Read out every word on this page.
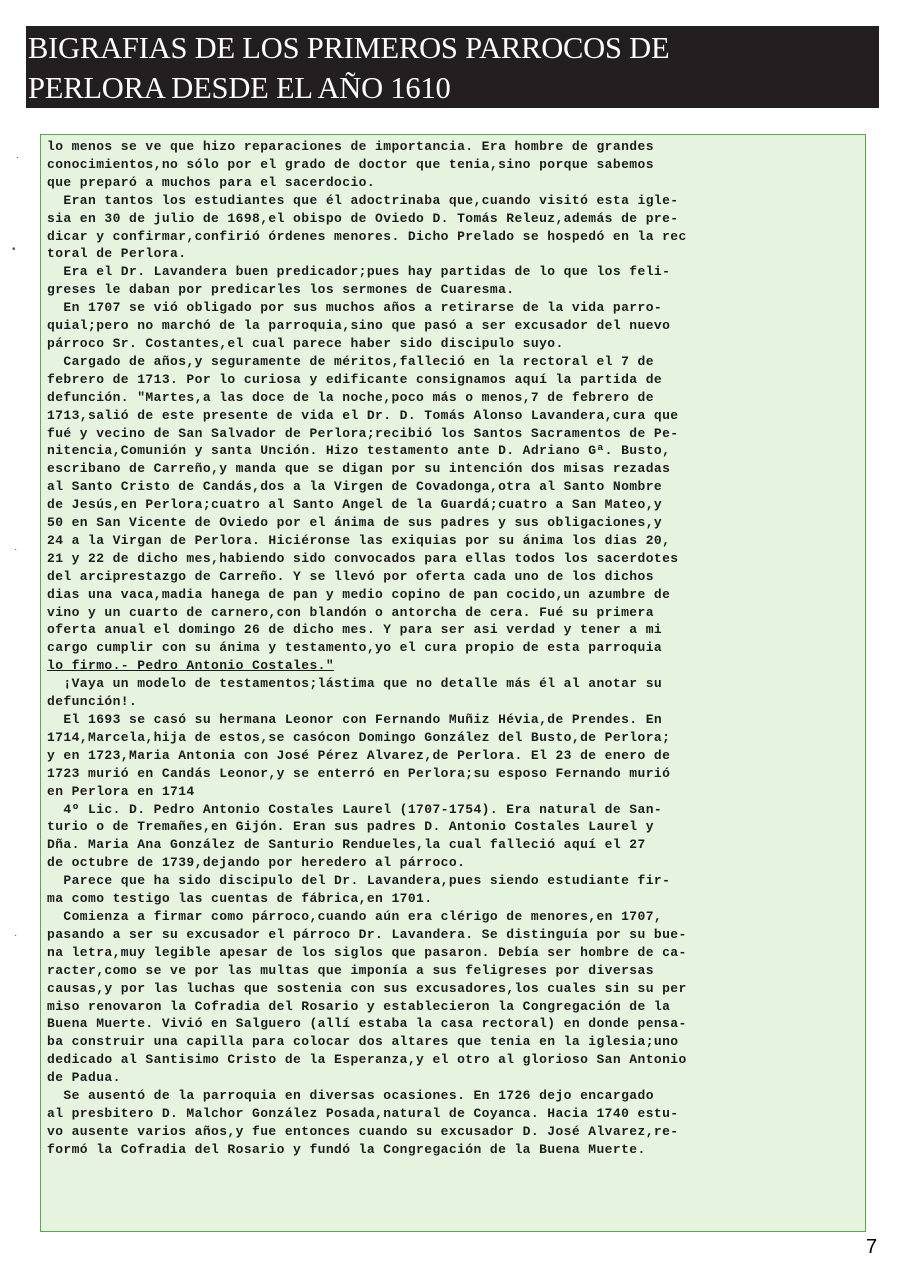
BIGRAFIAS DE LOS PRIMEROS PARROCOS DE
PERLORA DESDE EL AÑO 1610
·
•
·
·
lo menos se ve que hizo reparaciones de importancia. Era hombre de grandes
conocimientos,no sólo por el grado de doctor que tenia,sino porque sabemos
que preparó a muchos para el sacerdocio.
Eran tantos los estudiantes que él adoctrinaba que,cuando visitó esta igle-
sia en 30 de julio de 1698,el obispo de Oviedo D. Tomás Releuz,además de pre-
dicar y confirmar,confirió órdenes menores. Dicho Prelado se hospedó en la rec
toral de Perlora.
Era el Dr. Lavandera buen predicador;pues hay partidas de lo que los feli-
greses le daban por predicarles los sermones de Cuaresma.
En 1707 se vió obligado por sus muchos años a retirarse de la vida parro-
quial;pero no marchó de la parroquia,sino que pasó a ser excusador del nuevo
párroco Sr. Costantes,el cual parece haber sido discipulo suyo.
Cargado de años,y seguramente de méritos,falleció en la rectoral el 7 de
febrero de 1713. Por lo curiosa y edificante consignamos aquí la partida de
defunción. "Martes,a las doce de la noche,poco más o menos,7 de febrero de
1713,salió de este presente de vida el Dr. D. Tomás Alonso Lavandera,cura que
fué y vecino de San Salvador de Perlora;recibió los Santos Sacramentos de Pe-
nitencia,Comunión y santa Unción. Hizo testamento ante D. Adriano Gª. Busto,
escribano de Carreño,y manda que se digan por su intención dos misas rezadas
al Santo Cristo de Candás,dos a la Virgen de Covadonga,otra al Santo Nombre
de Jesús,en Perlora;cuatro al Santo Angel de la Guardá;cuatro a San Mateo,y
50 en San Vicente de Oviedo por el ánima de sus padres y sus obligaciones,y
24 a la Virgan de Perlora. Hiciéronse las exiquias por su ánima los dias 20,
21 y 22 de dicho mes,habiendo sido convocados para ellas todos los sacerdotes
del arciprestazgo de Carreño. Y se llevó por oferta cada uno de los dichos
dias una vaca,madia hanega de pan y medio copino de pan cocido,un azumbre de
vino y un cuarto de carnero,con blandón o antorcha de cera. Fué su primera
oferta anual el domingo 26 de dicho mes. Y para ser asi verdad y tener a mi
cargo cumplir con su ánima y testamento,yo el cura propio de esta parroquia
lo firmo.- Pedro Antonio Costales."
¡Vaya un modelo de testamentos;lástima que no detalle más él al anotar su
defunción!.
El 1693 se casó su hermana Leonor con Fernando Muñiz Hévia,de Prendes. En
1714,Marcela,hija de estos,se casócon Domingo González del Busto,de Perlora;
y en 1723,Maria Antonia con José Pérez Alvarez,de Perlora. El 23 de enero de
1723 murió en Candás Leonor,y se enterró en Perlora;su esposo Fernando murió
en Perlora en 1714
4º Lic. D. Pedro Antonio Costales Laurel (1707-1754). Era natural de San-
turio o de Tremañes,en Gijón. Eran sus padres D. Antonio Costales Laurel y
Dña. Maria Ana González de Santurio Rendueles,la cual falleció aquí el 27
de octubre de 1739,dejando por heredero al párroco.
Parece que ha sido discipulo del Dr. Lavandera,pues siendo estudiante fir-
ma como testigo las cuentas de fábrica,en 1701.
Comienza a firmar como párroco,cuando aún era clérigo de menores,en 1707,
pasando a ser su excusador el párroco Dr. Lavandera. Se distinguía por su bue-
na letra,muy legible apesar de los siglos que pasaron. Debía ser hombre de ca-
racter,como se ve por las multas que imponía a sus feligreses por diversas
causas,y por las luchas que sostenia con sus excusadores,los cuales sin su per
miso renovaron la Cofradia del Rosario y establecieron la Congregación de la
Buena Muerte. Vivió en Salguero (allí estaba la casa rectoral) en donde pensa-
ba construir una capilla para colocar dos altares que tenia en la iglesia;uno
dedicado al Santisimo Cristo de la Esperanza,y el otro al glorioso San Antonio
de Padua.
Se ausentó de la parroquia en diversas ocasiones. En 1726 dejo encargado
al presbitero D. Malchor González Posada,natural de Coyanca. Hacia 1740 estu-
vo ausente varios años,y fue entonces cuando su excusador D. José Alvarez,re-
formó la Cofradia del Rosario y fundó la Congregación de la Buena Muerte.
7
